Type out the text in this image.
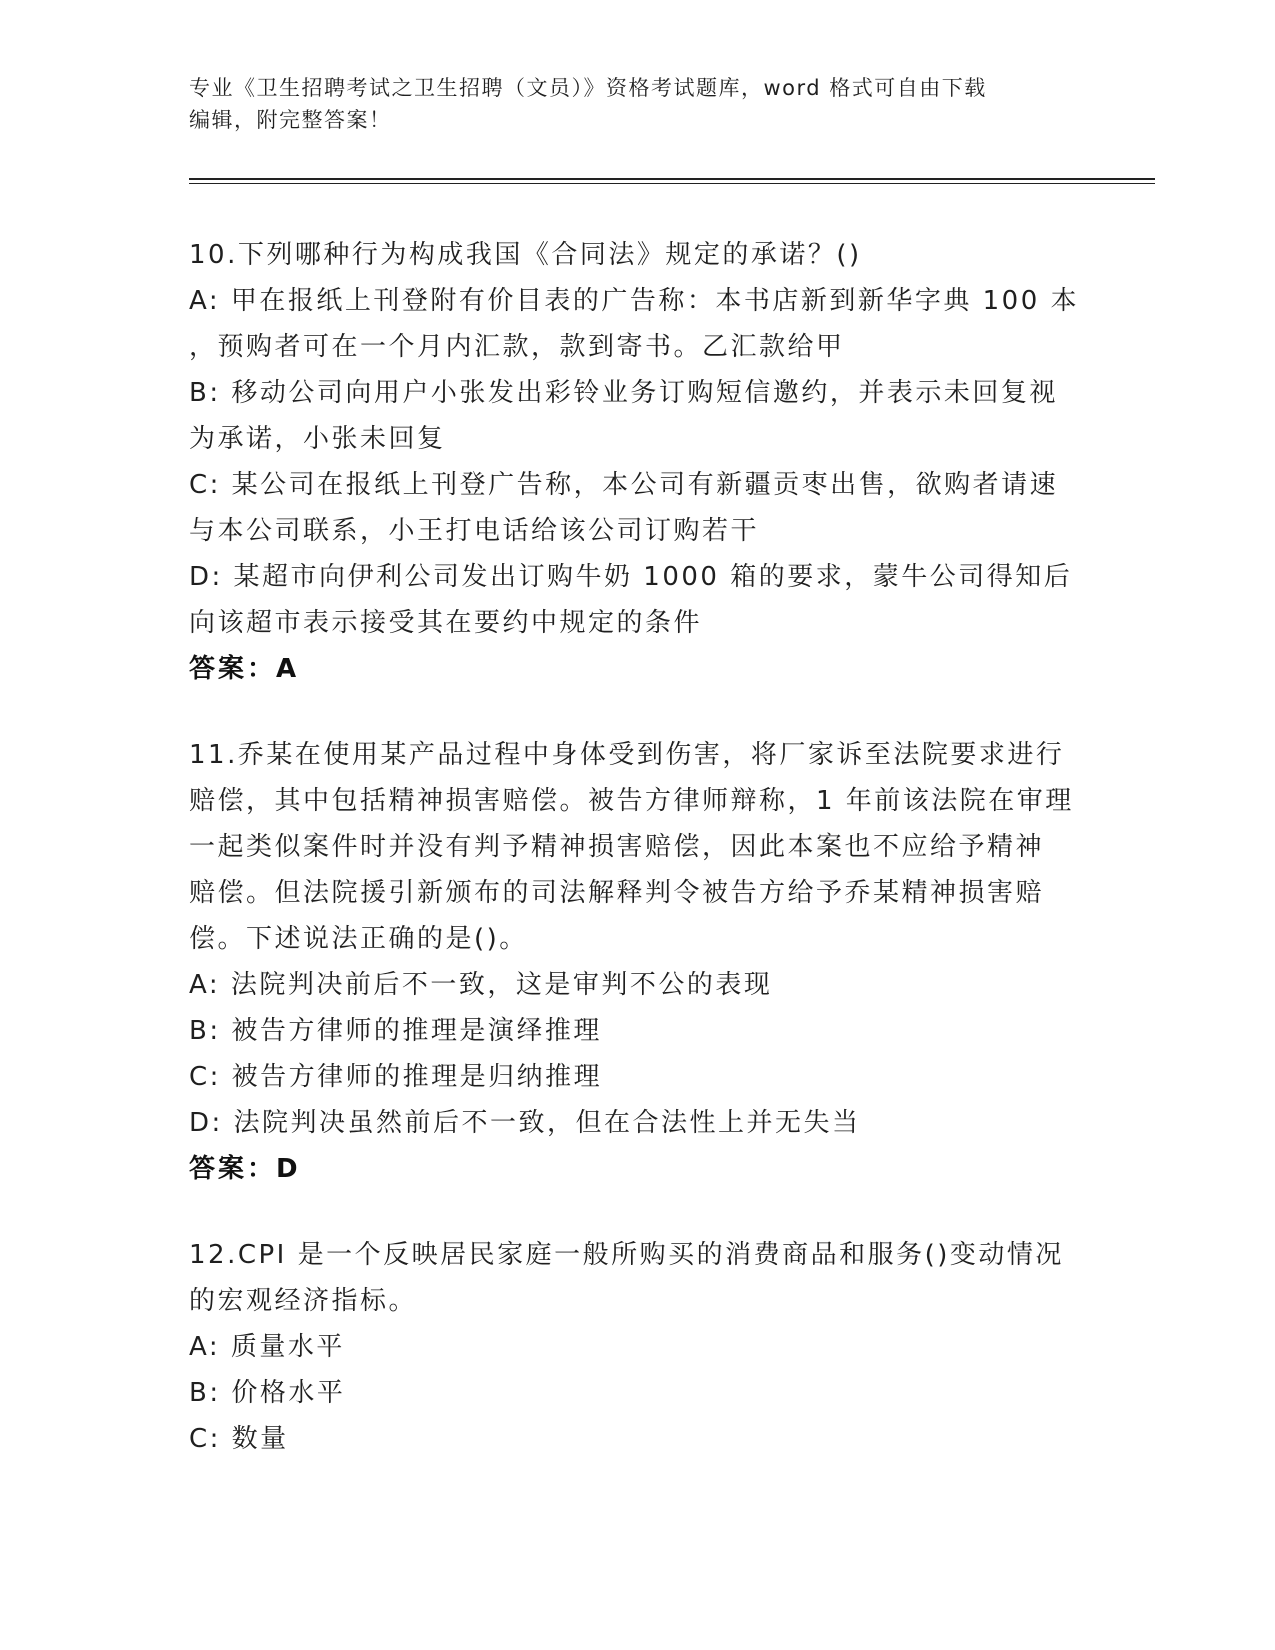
专业《卫生招聘考试之卫生招聘（文员）》资格考试题库，word 格式可自由下载
编辑，附完整答案！
10.下列哪种行为构成我国《合同法》规定的承诺？()
A: 甲在报纸上刊登附有价目表的广告称：本书店新到新华字典 100 本
，预购者可在一个月内汇款，款到寄书。乙汇款给甲
B: 移动公司向用户小张发出彩铃业务订购短信邀约，并表示未回复视
为承诺，小张未回复
C: 某公司在报纸上刊登广告称，本公司有新疆贡枣出售，欲购者请速
与本公司联系，小王打电话给该公司订购若干
D: 某超市向伊利公司发出订购牛奶 1000 箱的要求，蒙牛公司得知后
向该超市表示接受其在要约中规定的条件
答案：A
11.乔某在使用某产品过程中身体受到伤害，将厂家诉至法院要求进行
赔偿，其中包括精神损害赔偿。被告方律师辩称，1 年前该法院在审理
一起类似案件时并没有判予精神损害赔偿，因此本案也不应给予精神
赔偿。但法院援引新颁布的司法解释判令被告方给予乔某精神损害赔
偿。下述说法正确的是()。
A: 法院判决前后不一致，这是审判不公的表现
B: 被告方律师的推理是演绎推理
C: 被告方律师的推理是归纳推理
D: 法院判决虽然前后不一致，但在合法性上并无失当
答案：D
12.CPI 是一个反映居民家庭一般所购买的消费商品和服务()变动情况
的宏观经济指标。
A: 质量水平
B: 价格水平
C: 数量
